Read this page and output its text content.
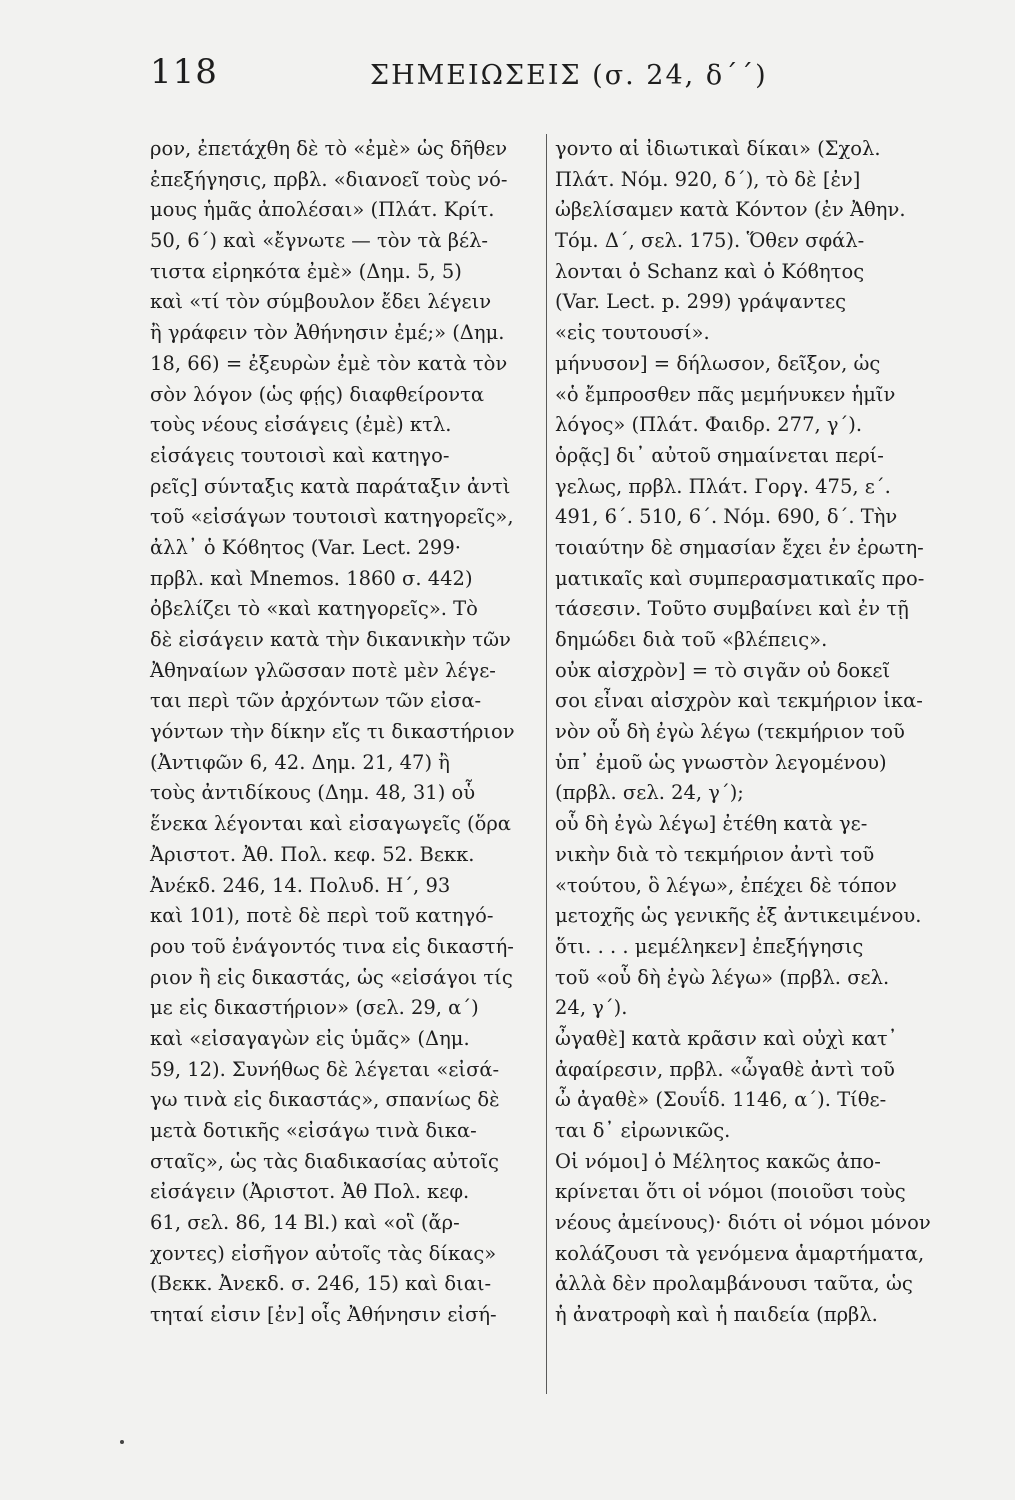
118	ΣΗΜΕΙΩΣΕΙΣ (σ. 24, δ΄΄)
ρον, ἐπετάχθη δὲ τὸ «ἐμὲ» ὡς δῆθεν
ἐπεξήγησις, πρβλ. «διανοεῖ τοὺς νό-
μους ἡμᾶς ἀπολέσαι» (Πλάτ. Κρίτ.
50, 6΄) καὶ «ἔγνωτε — τὸν τὰ βέλ-
τιστα εἰρηκότα ἐμὲ» (Δημ. 5, 5)
καὶ «τί τὸν σύμβουλον ἔδει λέγειν
ἢ γράφειν τὸν Ἀθήνησιν ἐμέ;» (Δημ.
18, 66) = ἐξευρὼν ἐμὲ τὸν κατὰ τὸν
σὸν λόγον (ὡς φῄς) διαφθείροντα
τοὺς νέους εἰσάγεις (ἐμὲ) κτλ.
εἰσάγεις τουτοισὶ καὶ κατηγο-
ρεῖς] σύνταξις κατὰ παράταξιν ἀντὶ
τοῦ «εἰσάγων τουτοισὶ κατηγορεῖς»,
ἀλλ᾽ ὁ Κόϐητος (Var. Lect. 299·
πρβλ. καὶ Mnemos. 1860 σ. 442)
ὀβελίζει τὸ «καὶ κατηγορεῖς». Τὸ
δὲ εἰσάγειν κατὰ τὴν δικανικὴν τῶν
Ἀθηναίων γλῶσσαν ποτὲ μὲν λέγε-
ται περὶ τῶν ἀρχόντων τῶν εἰσα-
γόντων τὴν δίκην εἴς τι δικαστήριον
(Ἀντιφῶν 6, 42. Δημ. 21, 47) ἢ
τοὺς ἀντιδίκους (Δημ. 48, 31) οὗ
ἕνεκα λέγονται καὶ εἰσαγωγεῖς (ὅρα
Ἀριστοτ. Ἀθ. Πολ. κεφ. 52. Βεκκ.
Ἀνέκδ. 246, 14. Πολυδ. Η΄, 93
καὶ 101), ποτὲ δὲ περὶ τοῦ κατηγό-
ρου τοῦ ἐνάγοντός τινα εἰς δικαστή-
ριον ἢ εἰς δικαστάς, ὡς «εἰσάγοι τίς
με εἰς δικαστήριον» (σελ. 29, α΄)
καὶ «εἰσαγαγὼν εἰς ὑμᾶς» (Δημ.
59, 12). Συνήθως δὲ λέγεται «εἰσά-
γω τινὰ εἰς δικαστάς», σπανίως δὲ
μετὰ δοτικῆς «εἰσάγω τινὰ δικα-
σταῖς», ὡς τὰς διαδικασίας αὐτοῖς
εἰσάγειν (Ἀριστοτ. Ἀθ Πολ. κεφ.
61, σελ. 86, 14 Bl.) καὶ «οἳ (ἄρ-
χοντες) εἰσῆγον αὐτοῖς τὰς δίκας»
(Βεκκ. Ἀνεκδ. σ. 246, 15) καὶ διαι-
τηταί εἰσιν [ἐν] οἷς Ἀθήνησιν εἰσή-
γοντο αἱ ἰδιωτικαὶ δίκαι» (Σχολ.
Πλάτ. Νόμ. 920, δ΄), τὸ δὲ [ἐν]
ὠβελίσαμεν κατὰ Κόντον (ἐν Ἀθην.
Τόμ. Δ΄, σελ. 175). Ὅθεν σφάλ-
λονται ὁ Schanz καὶ ὁ Κόϐητος
(Var. Lect. p. 299) γράψαντες
«εἰς τουτουσί».
μήνυσον] = δήλωσον, δεῖξον, ὡς
«ὁ ἔμπροσθεν πᾶς μεμήνυκεν ἡμῖν
λόγος» (Πλάτ. Φαιδρ. 277, γ΄).
ὁρᾷς] δι᾽ αὐτοῦ σημαίνεται περί-
γελως, πρβλ. Πλάτ. Γοργ. 475, ε΄.
491, 6΄. 510, 6΄. Νόμ. 690, δ΄. Τὴν
τοιαύτην δὲ σημασίαν ἔχει ἐν ἐρωτη-
ματικαῖς καὶ συμπερασματικαῖς προ-
τάσεσιν. Τοῦτο συμβαίνει καὶ ἐν τῇ
δημώδει διὰ τοῦ «βλέπεις».
οὐκ αἰσχρὸν] = τὸ σιγᾶν οὐ δοκεῖ
σοι εἶναι αἰσχρὸν καὶ τεκμήριον ἱκα-
νὸν οὗ δὴ ἐγὼ λέγω (τεκμήριον τοῦ
ὑπ᾽ ἐμοῦ ὡς γνωστὸν λεγομένου)
(πρβλ. σελ. 24, γ΄);
οὗ δὴ ἐγὼ λέγω] ἐτέθη κατὰ γε-
νικὴν διὰ τὸ τεκμήριον ἀντὶ τοῦ
«τούτου, ὃ λέγω», ἐπέχει δὲ τόπον
μετοχῆς ὡς γενικῆς ἐξ ἀντικειμένου.
ὅτι. . . . μεμέληκεν] ἐπεξήγησις
τοῦ «οὗ δὴ ἐγὼ λέγω» (πρβλ. σελ.
24, γ΄).
ὦγαθὲ] κατὰ κρᾶσιν καὶ οὐχὶ κατ᾽
ἀφαίρεσιν, πρβλ. «ὦγαθὲ ἀντὶ τοῦ
ὦ ἀγαθὲ» (Σουΐδ. 1146, α΄). Τίθε-
ται δ᾽ εἰρωνικῶς.
Οἱ νόμοι] ὁ Μέλητος κακῶς ἀπο-
κρίνεται ὅτι οἱ νόμοι (ποιοῦσι τοὺς
νέους ἀμείνους)· διότι οἱ νόμοι μόνον
κολάζουσι τὰ γενόμενα ἁμαρτήματα,
ἀλλὰ δὲν προλαμβάνουσι ταῦτα, ὡς
ἡ ἀνατροφὴ καὶ ἡ παιδεία (πρβλ.
